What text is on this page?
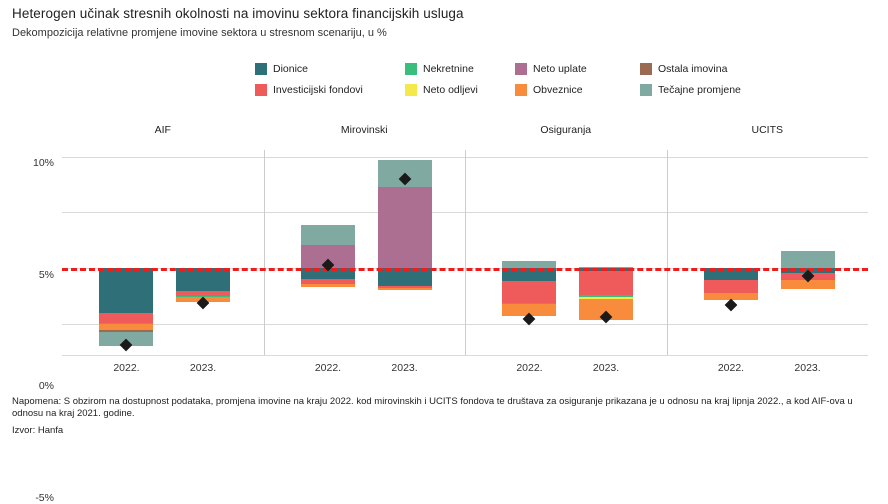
Heterogen učinak stresnih okolnosti na imovinu sektora financijskih usluga
Dekompozicija relativne promjene imovine sektora u stresnom scenariju, u %
Dionice	Nekretnine	Neto uplate	Ostala imovina
Investicijski fondovi	Neto odljevi	Obveznice	Tečajne promjene
AIF	Mirovinski	Osiguranja	UCITS
-5%
0%
5%
10%
2022.	2023.	2022.	2023.	2022.	2023.	2022.	2023.
Napomena: S obzirom na dostupnost podataka, promjena imovine na kraju 2022. kod mirovinskih i UCITS fondova te društava za osiguranje prikazana je u odnosu na kraj lipnja 2022., a kod AIF-ova u odnosu na kraj 2021. godine.
Izvor: Hanfa
